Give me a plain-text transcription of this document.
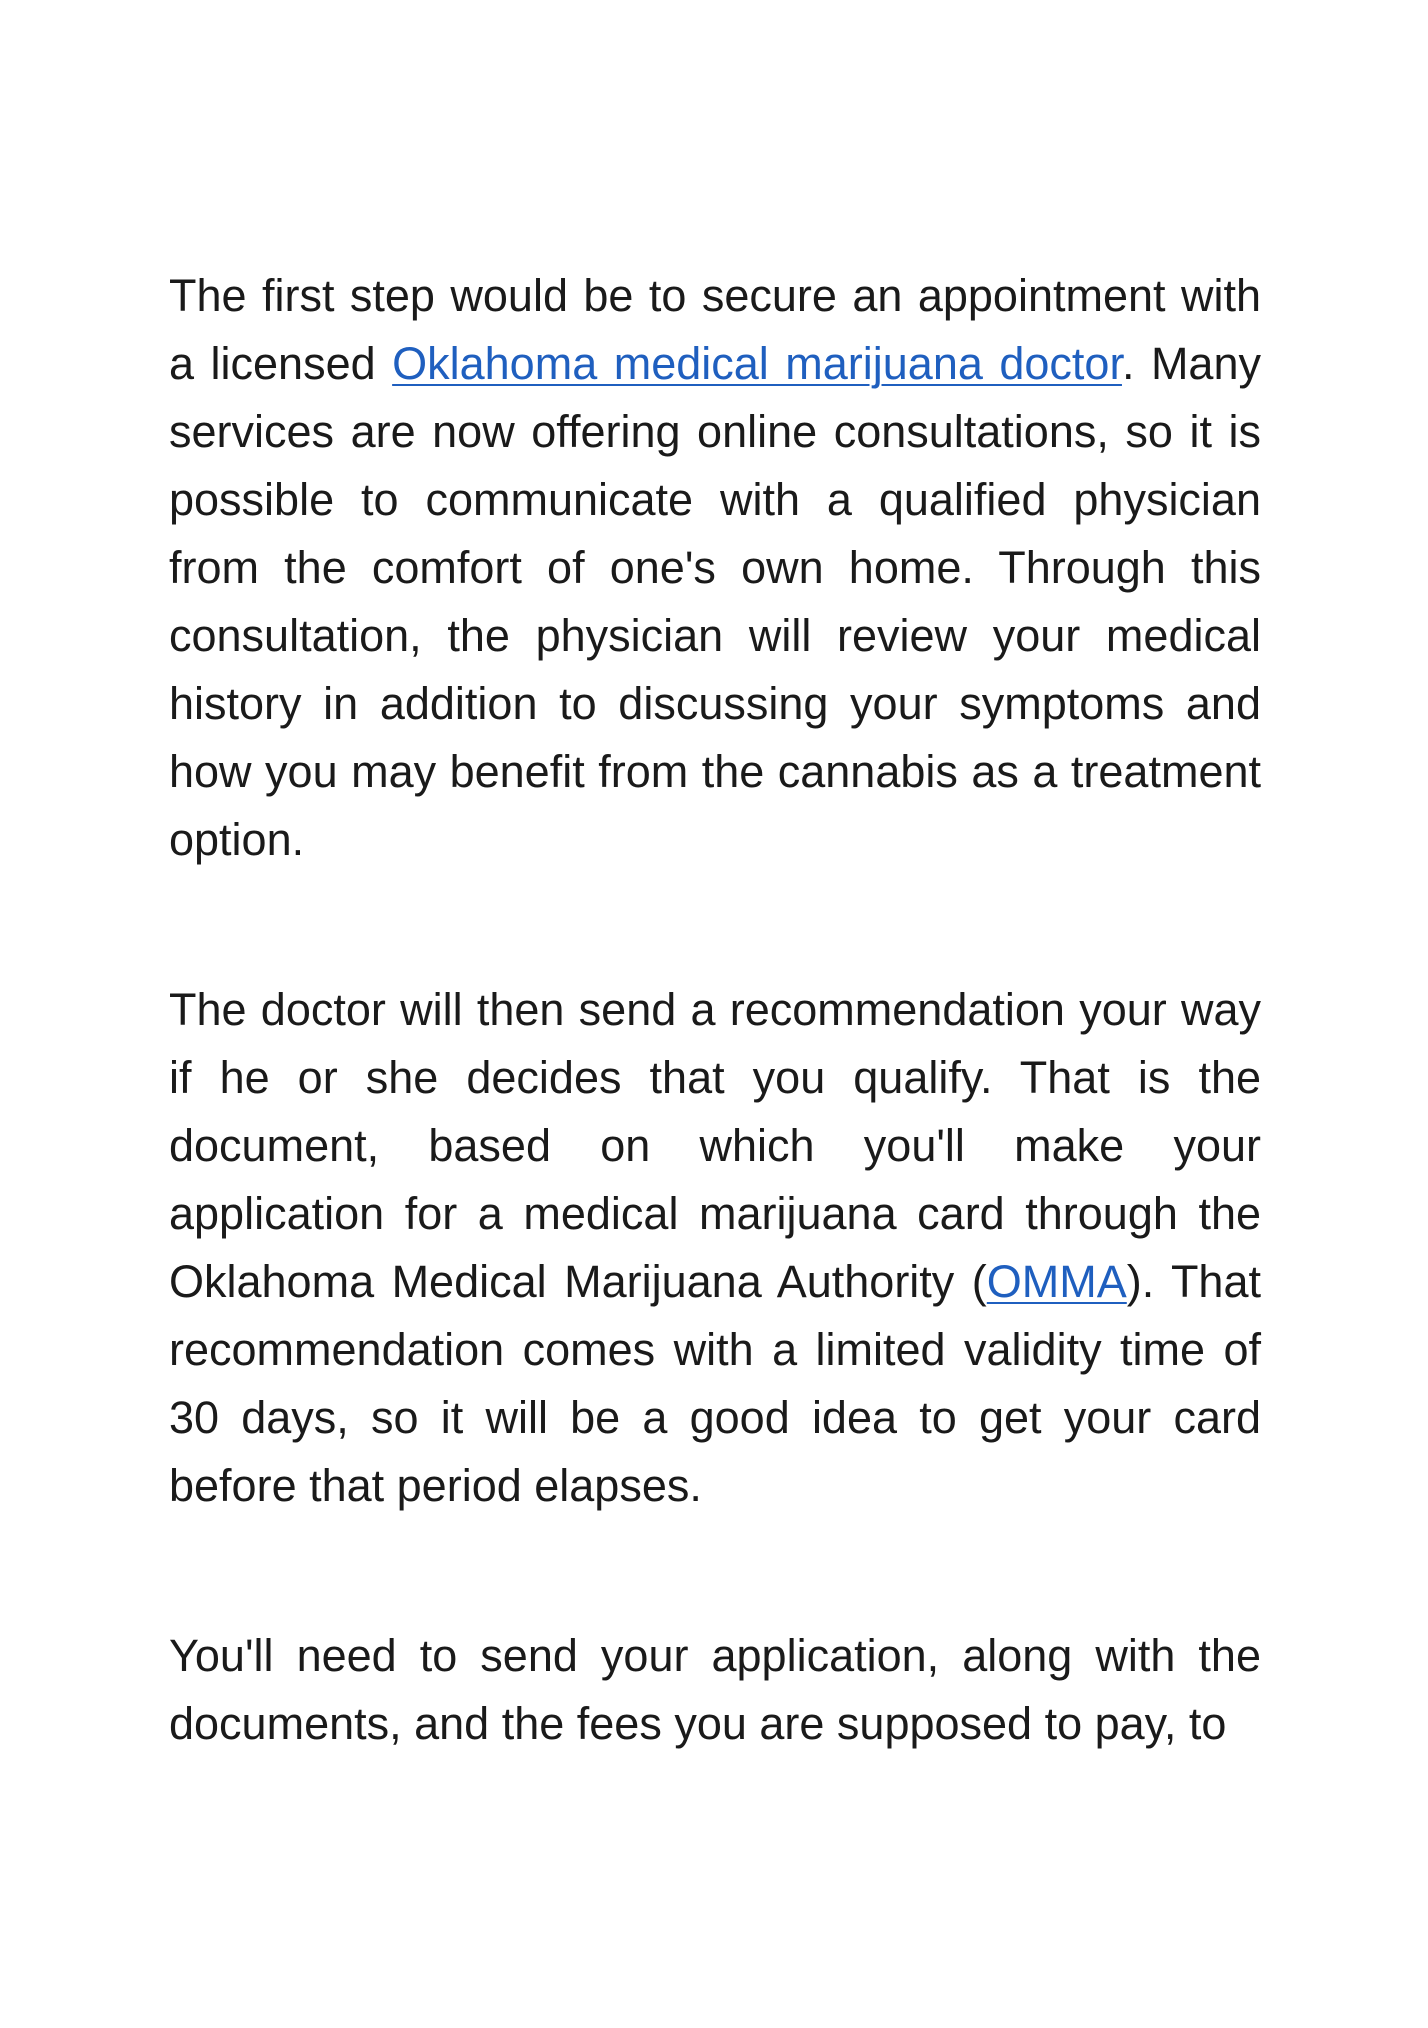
The first step would be to secure an appointment with a licensed Oklahoma medical marijuana doctor. Many services are now offering online consultations, so it is possible to communicate with a qualified physician from the comfort of one's own home. Through this consultation, the physician will review your medical history in addition to discussing your symptoms and how you may benefit from the cannabis as a treatment option.

The doctor will then send a recommendation your way if he or she decides that you qualify. That is the document, based on which you'll make your application for a medical marijuana card through the Oklahoma Medical Marijuana Authority (OMMA). That recommendation comes with a limited validity time of 30 days, so it will be a good idea to get your card before that period elapses.

You'll need to send your application, along with the documents, and the fees you are supposed to pay, to
